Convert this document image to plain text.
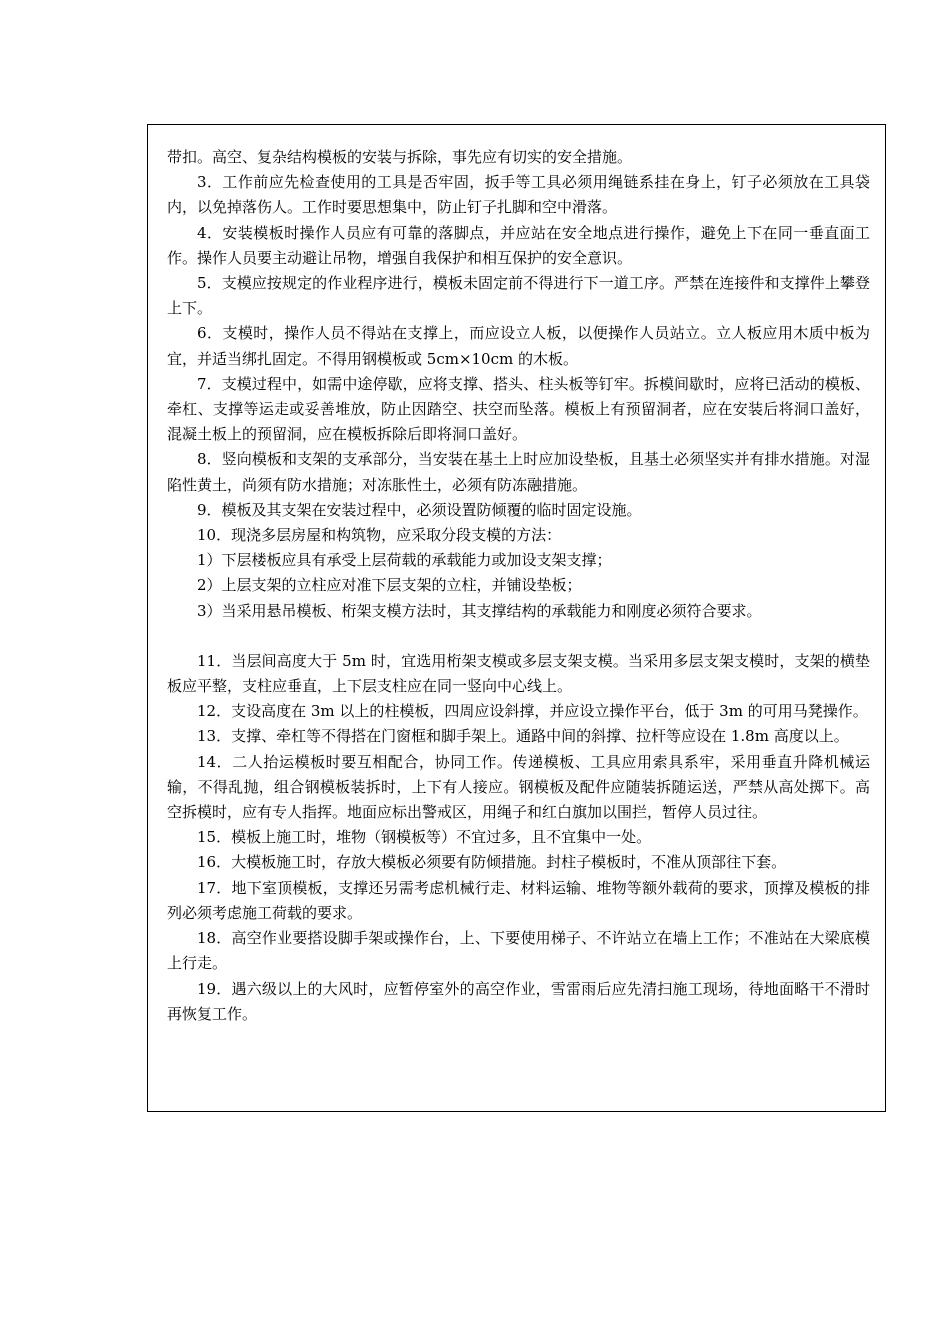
带扣。高空、复杂结构模板的安装与拆除，事先应有切实的安全措施。

3．工作前应先检查使用的工具是否牢固，扳手等工具必须用绳链系挂在身上，钉子必须放在工具袋内，以免掉落伤人。工作时要思想集中，防止钉子扎脚和空中滑落。

4．安装模板时操作人员应有可靠的落脚点，并应站在安全地点进行操作，避免上下在同一垂直面工作。操作人员要主动避让吊物，增强自我保护和相互保护的安全意识。

5．支模应按规定的作业程序进行，模板未固定前不得进行下一道工序。严禁在连接件和支撑件上攀登上下。

6．支模时，操作人员不得站在支撑上，而应设立人板，以便操作人员站立。立人板应用木质中板为宜，并适当绑扎固定。不得用钢模板或 5cm×10cm 的木板。

7．支模过程中，如需中途停歇，应将支撑、搭头、柱头板等钉牢。拆模间歇时，应将已活动的模板、牵杠、支撑等运走或妥善堆放，防止因踏空、扶空而坠落。模板上有预留洞者，应在安装后将洞口盖好，混凝土板上的预留洞，应在模板拆除后即将洞口盖好。

8．竖向模板和支架的支承部分，当安装在基土上时应加设垫板，且基土必须坚实并有排水措施。对湿陷性黄土，尚须有防水措施；对冻胀性土，必须有防冻融措施。

9．模板及其支架在安装过程中，必须设置防倾覆的临时固定设施。

10．现浇多层房屋和构筑物，应采取分段支模的方法：

1）下层楼板应具有承受上层荷载的承载能力或加设支架支撑；

2）上层支架的立柱应对准下层支架的立柱，并铺设垫板；

3）当采用悬吊模板、桁架支模方法时，其支撑结构的承载能力和刚度必须符合要求。

11．当层间高度大于 5m 时，宜选用桁架支模或多层支架支模。当采用多层支架支模时，支架的横垫板应平整，支柱应垂直，上下层支柱应在同一竖向中心线上。

12．支设高度在 3m 以上的柱模板，四周应设斜撑，并应设立操作平台，低于 3m 的可用马凳操作。

13．支撑、牵杠等不得搭在门窗框和脚手架上。通路中间的斜撑、拉杆等应设在 1.8m 高度以上。

14．二人抬运模板时要互相配合，协同工作。传递模板、工具应用索具系牢，采用垂直升降机械运输，不得乱抛，组合钢模板装拆时，上下有人接应。钢模板及配件应随装拆随运送，严禁从高处掷下。高空拆模时，应有专人指挥。地面应标出警戒区，用绳子和红白旗加以围拦，暂停人员过往。

15．模板上施工时，堆物（钢模板等）不宜过多，且不宜集中一处。

16．大模板施工时，存放大模板必须要有防倾措施。封柱子模板时，不准从顶部往下套。

17．地下室顶模板，支撑还另需考虑机械行走、材料运输、堆物等额外载荷的要求，顶撑及模板的排列必须考虑施工荷载的要求。

18．高空作业要搭设脚手架或操作台，上、下要使用梯子、不许站立在墙上工作；不准站在大梁底模上行走。

19．遇六级以上的大风时，应暂停室外的高空作业，雪雷雨后应先清扫施工现场，待地面略干不滑时再恢复工作。
